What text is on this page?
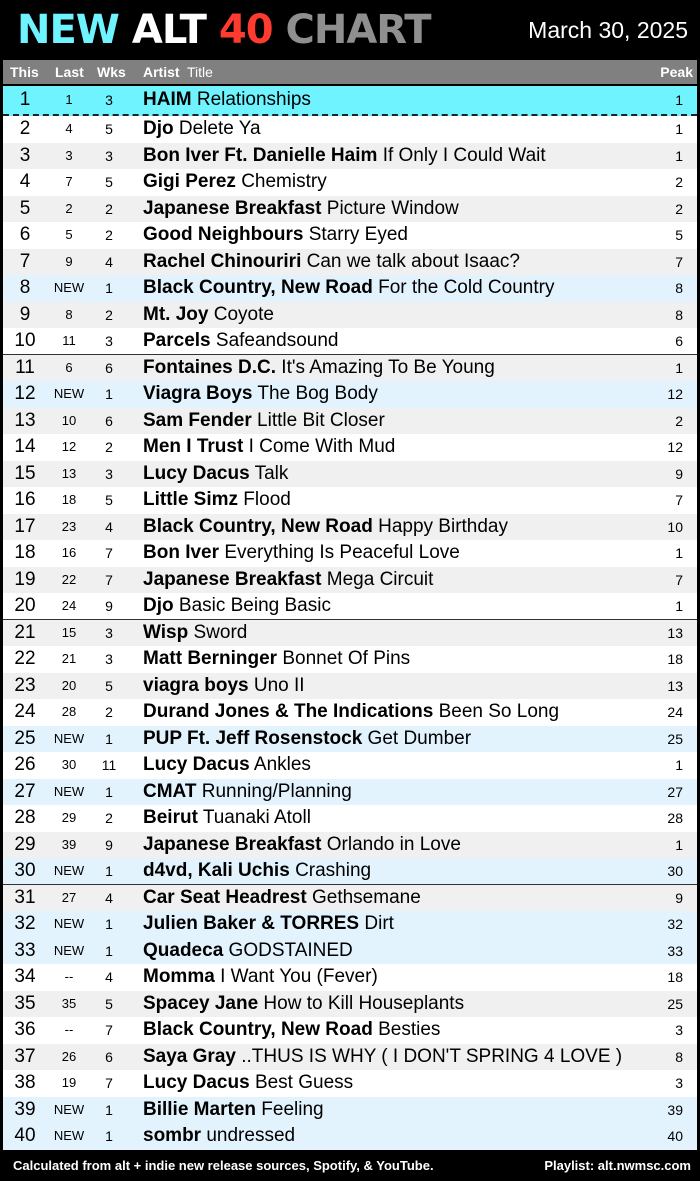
NEW ALT 40 CHART	March 30, 2025
This Last Wks Artist Title	Peak
1	1	3	HAIM Relationships	1
2	4	5	Djo Delete Ya	1
3	3	3	Bon Iver Ft. Danielle Haim If Only I Could Wait	1
4	7	5	Gigi Perez Chemistry	2
5	2	2	Japanese Breakfast Picture Window	2
6	5	2	Good Neighbours Starry Eyed	5
7	9	4	Rachel Chinouriri Can we talk about Isaac?	7
8	NEW	1	Black Country, New Road For the Cold Country	8
9	8	2	Mt. Joy Coyote	8
10	11	3	Parcels Safeandsound	6
11	6	6	Fontaines D.C. It's Amazing To Be Young	1
12	NEW	1	Viagra Boys The Bog Body	12
13	10	6	Sam Fender Little Bit Closer	2
14	12	2	Men I Trust I Come With Mud	12
15	13	3	Lucy Dacus Talk	9
16	18	5	Little Simz Flood	7
17	23	4	Black Country, New Road Happy Birthday	10
18	16	7	Bon Iver Everything Is Peaceful Love	1
19	22	7	Japanese Breakfast Mega Circuit	7
20	24	9	Djo Basic Being Basic	1
21	15	3	Wisp Sword	13
22	21	3	Matt Berninger Bonnet Of Pins	18
23	20	5	viagra boys Uno II	13
24	28	2	Durand Jones & The Indications Been So Long	24
25	NEW	1	PUP Ft. Jeff Rosenstock Get Dumber	25
26	30	11	Lucy Dacus Ankles	1
27	NEW	1	CMAT Running/Planning	27
28	29	2	Beirut Tuanaki Atoll	28
29	39	9	Japanese Breakfast Orlando in Love	1
30	NEW	1	d4vd, Kali Uchis Crashing	30
31	27	4	Car Seat Headrest Gethsemane	9
32	NEW	1	Julien Baker & TORRES Dirt	32
33	NEW	1	Quadeca GODSTAINED	33
34	--	4	Momma I Want You (Fever)	18
35	35	5	Spacey Jane How to Kill Houseplants	25
36	--	7	Black Country, New Road Besties	3
37	26	6	Saya Gray ..THUS IS WHY ( I DON'T SPRING 4 LOVE )	8
38	19	7	Lucy Dacus Best Guess	3
39	NEW	1	Billie Marten Feeling	39
40	NEW	1	sombr undressed	40
Calculated from alt + indie new release sources, Spotify, & YouTube.	Playlist: alt.nwmsc.com
